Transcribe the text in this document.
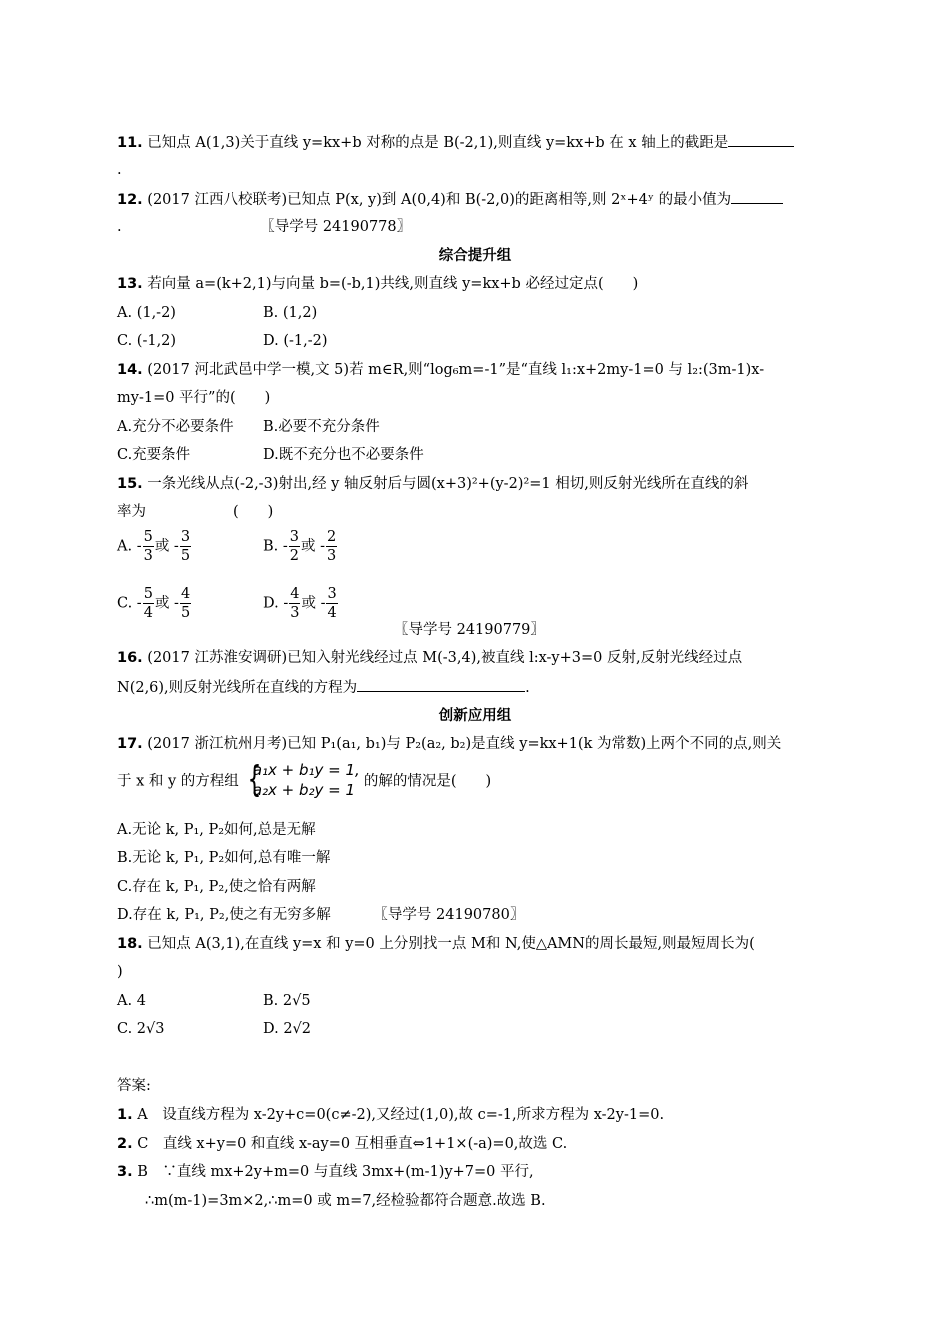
11. 已知点 A(1,3)关于直线 y=kx+b 对称的点是 B(-2,1),则直线 y=kx+b 在 x 轴上的截距是
.
12. (2017 江西八校联考)已知点 P(x, y)到 A(0,4)和 B(-2,0)的距离相等,则 2ˣ+4ʸ 的最小值为
.	〖导学号 24190778〗
综合提升组
13. 若向量 a=(k+2,1)与向量 b=(-b,1)共线,则直线 y=kx+b 必经过定点(　　)
A. (1,-2)	B. (1,2)
C. (-1,2)	D. (-1,-2)
14. (2017 河北武邑中学一模,文 5)若 m∈R,则“log₆m=-1”是“直线 l₁:x+2my-1=0 与 l₂:(3m-1)x-
my-1=0 平行”的(　　)
A.充分不必要条件 B.必要不充分条件
C.充要条件	D.既不充分也不必要条件
15. 一条光线从点(-2,-3)射出,经 y 轴反射后与圆(x+3)²+(y-2)²=1 相切,则反射光线所在直线的斜
率为　　　　　　(　　)
A. - $\frac{5}{3}$ 或 - $\frac{3}{5}$	B. - $\frac{3}{2}$ 或 - $\frac{2}{3}$
C. - $\frac{5}{4}$ 或 - $\frac{4}{5}$	D. - $\frac{4}{3}$ 或 - $\frac{3}{4}$
〖导学号 24190779〗
16. (2017 江苏淮安调研)已知入射光线经过点 M(-3,4),被直线 l:x-y+3=0 反射,反射光线经过点
N(2,6),则反射光线所在直线的方程为	.
创新应用组
17. (2017 浙江杭州月考)已知 P₁(a₁, b₁)与 P₂(a₂, b₂)是直线 y=kx+1(k 为常数)上两个不同的点,则关
于 x 和 y 的方程组 {
a₁x + b₁y = 1,
a₂x + b₂y = 1 的解的情况是(　　)
A.无论 k, P₁, P₂如何,总是无解
B.无论 k, P₁, P₂如何,总有唯一解
C.存在 k, P₁, P₂,使之恰有两解
D.存在 k, P₁, P₂,使之有无穷多解	〖导学号 24190780〗
18. 已知点 A(3,1),在直线 y=x 和 y=0 上分别找一点 M和 N,使△AMN的周长最短,则最短周长为(
)
A. 4	B. 2√5
C. 2√3	D. 2√2
答案:
1. A　设直线方程为 x-2y+c=0(c≠-2),又经过(1,0),故 c=-1,所求方程为 x-2y-1=0.
2. C　直线 x+y=0 和直线 x-ay=0 互相垂直⇔1+1×(-a)=0,故选 C.
3. B　∵直线 mx+2y+m=0 与直线 3mx+(m-1)y+7=0 平行,
∴m(m-1)=3m×2,∴m=0 或 m=7,经检验都符合题意.故选 B.
